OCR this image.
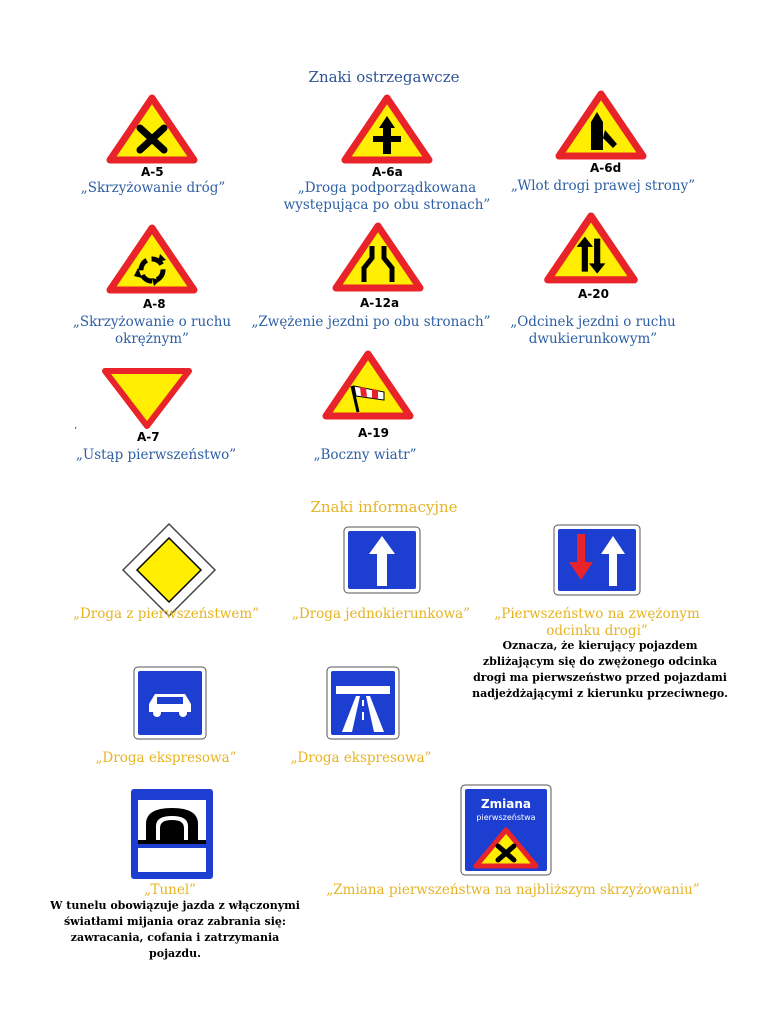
Znaki ostrzegawcze
A-5
„Skrzyżowanie dróg”
A-6a
„Droga podporządkowana występująca po obu stronach”
A-6d
„Wlot drogi prawej strony”
A-8
„Skrzyżowanie o ruchu okrężnym”
A-12a
„Zwężenie jezdni po obu stronach”
A-20
„Odcinek jezdni o ruchu dwukierunkowym”
‘	A-7
„Ustąp pierwszeństwo”
A-19
„Boczny wiatr”
Znaki informacyjne
„Droga z pierwszeństwem”	„Droga jednokierunkowa”	„Pierwszeństwo na zwężonym odcinku drogi”
Oznacza, że kierujący pojazdem zbliżającym się do zwężonego odcinka drogi ma pierwszeństwo przed pojazdami nadjeżdżającymi z kierunku przeciwnego.
„Droga ekspresowa”	„Droga ekspresowa”
„Tunel”
W tunelu obowiązuje jazda z włączonymi światłami mijania oraz zabrania się: zawracania, cofania i zatrzymania pojazdu.
Zmiana
pierwszeństwa
„Zmiana pierwszeństwa na najbliższym skrzyżowaniu”
